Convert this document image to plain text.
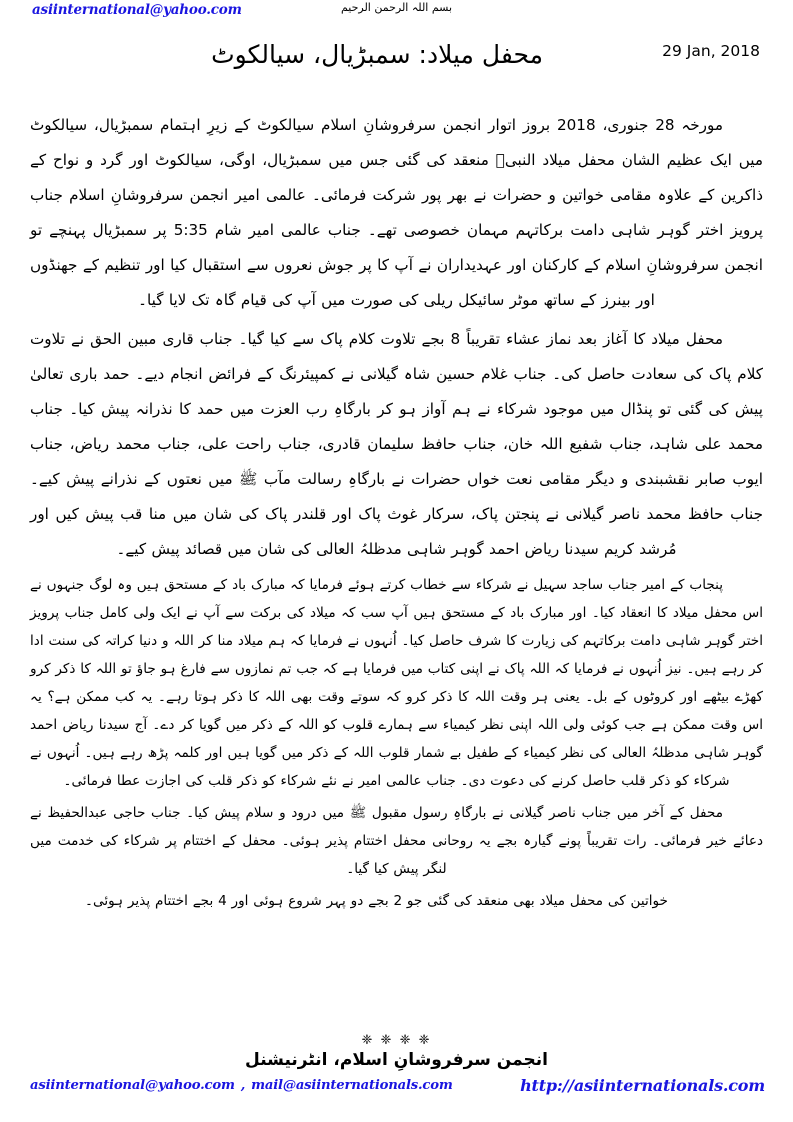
asiinternational@yahoo.com	بسم اللہ الرحمن الرحیم
محفل میلاد: سمبڑیال، سیالکوٹ	29 Jan, 2018

مورخہ 28 جنوری، 2018 بروز اتوار انجمن سرفروشانِ اسلام سیالکوٹ کے زیرِ اہتمام سمبڑیال، سیالکوٹ میں ایک عظیم الشان محفل میلاد النبیؐ منعقد کی گئی جس میں سمبڑیال، اوگی، سیالکوٹ اور گرد و نواح کے ذاکرین کے علاوہ مقامی خواتین و حضرات نے بھر پور شرکت فرمائی۔ عالمی امیر انجمن سرفروشانِ اسلام جناب پرویز اختر گوہر شاہی دامت برکاتہم مہمان خصوصی تھے۔ جناب عالمی امیر شام 5:35 پر سمبڑیال پہنچے تو انجمن سرفروشانِ اسلام کے کارکنان اور عہدیداران نے آپ کا پر جوش نعروں سے استقبال کیا اور تنظیم کے جھنڈوں اور بینرز کے ساتھ موٹر سائیکل ریلی کی صورت میں آپ کی قیام گاہ تک لایا گیا۔

محفل میلاد کا آغاز بعد نماز عشاء تقریباً 8 بجے تلاوت کلام پاک سے کیا گیا۔ جناب قاری مبین الحق نے تلاوت کلام پاک کی سعادت حاصل کی۔ جناب غلام حسین شاہ گیلانی نے کمپیئرنگ کے فرائض انجام دیے۔ حمد باری تعالیٰ پیش کی گئی تو پنڈال میں موجود شرکاء نے ہم آواز ہو کر بارگاہِ رب العزت میں حمد کا نذرانہ پیش کیا۔ جناب محمد علی شاہد، جناب شفیع اللہ خان، جناب حافظ سلیمان قادری، جناب راحت علی، جناب محمد ریاض، جناب ایوب صابر نقشبندی و دیگر مقامی نعت خواں حضرات نے بارگاہِ رسالت مآب ﷺ میں نعتوں کے نذرانے پیش کیے۔ جناب حافظ محمد ناصر گیلانی نے پنجتن پاک، سرکار غوث پاک اور قلندر پاک کی شان میں منا قب پیش کیں اور مُرشد کریم سیدنا ریاض احمد گوہر شاہی مدظلہُ العالی کی شان میں قصائد پیش کیے۔

پنجاب کے امیر جناب ساجد سہیل نے شرکاء سے خطاب کرتے ہوئے فرمایا کہ مبارک باد کے مستحق ہیں وہ لوگ جنہوں نے اس محفل میلاد کا انعقاد کیا۔ اور مبارک باد کے مستحق ہیں آپ سب کہ میلاد کی برکت سے آپ نے ایک ولی کامل جناب پرویز اختر گوہر شاہی دامت برکاتہم کی زیارت کا شرف حاصل کیا۔ اُنہوں نے فرمایا کہ ہم میلاد منا کر اللہ و دنیا کراتہ کی سنت ادا کر رہے ہیں۔ نیز اُنہوں نے فرمایا کہ اللہ پاک نے اپنی کتاب میں فرمایا ہے کہ جب تم نمازوں سے فارغ ہو جاؤ تو اللہ کا ذکر کرو کھڑے بیٹھے اور کروٹوں کے بل۔ یعنی ہر وقت اللہ کا ذکر کرو کہ سوتے وقت بھی اللہ کا ذکر ہوتا رہے۔ یہ کب ممکن ہے؟ یہ اس وقت ممکن ہے جب کوئی ولی اللہ اپنی نظر کیمیاء سے ہمارے قلوب کو اللہ کے ذکر میں گویا کر دے۔ آج سیدنا ریاض احمد گوہر شاہی مدظلہُ العالی کی نظر کیمیاء کے طفیل بے شمار قلوب اللہ کے ذکر میں گویا ہیں اور کلمہ پڑھ رہے ہیں۔ اُنہوں نے شرکاء کو ذکر قلب حاصل کرنے کی دعوت دی۔ جناب عالمی امیر نے نئے شرکاء کو ذکر قلب کی اجازت عطا فرمائی۔

محفل کے آخر میں جناب ناصر گیلانی نے بارگاہِ رسول مقبول ﷺ میں درود و سلام پیش کیا۔ جناب حاجی عبدالحفیظ نے دعائے خیر فرمائی۔ رات تقریباً پونے گیارہ بجے یہ روحانی محفل اختتام پذیر ہوئی۔ محفل کے اختتام پر شرکاء کی خدمت میں لنگر پیش کیا گیا۔

خواتین کی محفل میلاد بھی منعقد کی گئی جو 2 بجے دو پہر شروع ہوئی اور 4 بجے اختتام پذیر ہوئی۔

❈ ❈ ❈ ❈
انجمن سرفروشانِ اسلام، انٹرنیشنل
asiinternational@yahoo.com , mail@asiinternationals.com	http://asiinternationals.com
